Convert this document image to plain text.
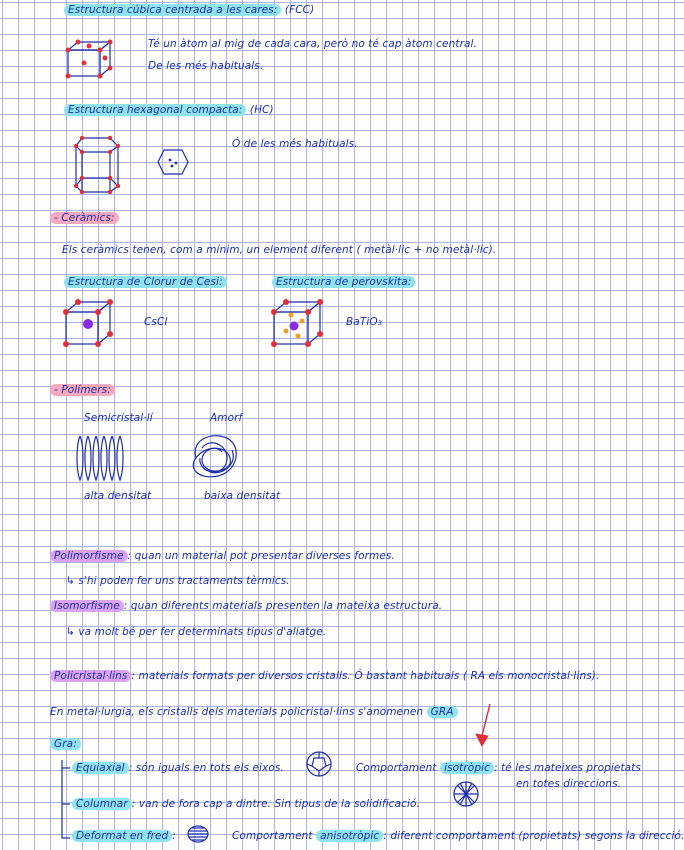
Estructura cúbica centrada a les cares: (FCC)
Té un àtom al mig de cada cara, però no té cap àtom central.
De les més habituals.
Estructura hexagonal compacta: (HC)
Ó de les més habituals.
- Ceràmics:
Els ceràmics tenen, com a mínim, un element diferent ( metàl·lic + no metàl·lic).
Estructura de Clorur de Cesi:	Estructura de perovskita:
CsCl	BaTiO₃
- Polímers:
Semicristal·lí	Amorf
alta densitat	baixa densitat
Polimorfisme : quan un material pot presentar diverses formes.
↳ s'hi poden fer uns tractaments tèrmics.
Isomorfisme : quan diferents materials presenten la mateixa estructura.
↳ va molt bé per fer determinats tipus d'aliatge.
Policristal·lins : materials formats per diversos cristalls. Ó bastant habituals ( RA els monocristal·lins).
En metal·lurgia, els cristalls dels materials policristal·lins s'anomenen GRA
Gra:
Equiaxial : són iguals en tots els eixos.	Comportament isotròpic : té les mateixes propietats
en totes direccions.
Columnar : van de fora cap a dintre. Sin tipus de la solidificació.
Deformat en fred :	Comportament anisotròpic : diferent comportament (propietats) segons la direcció.
